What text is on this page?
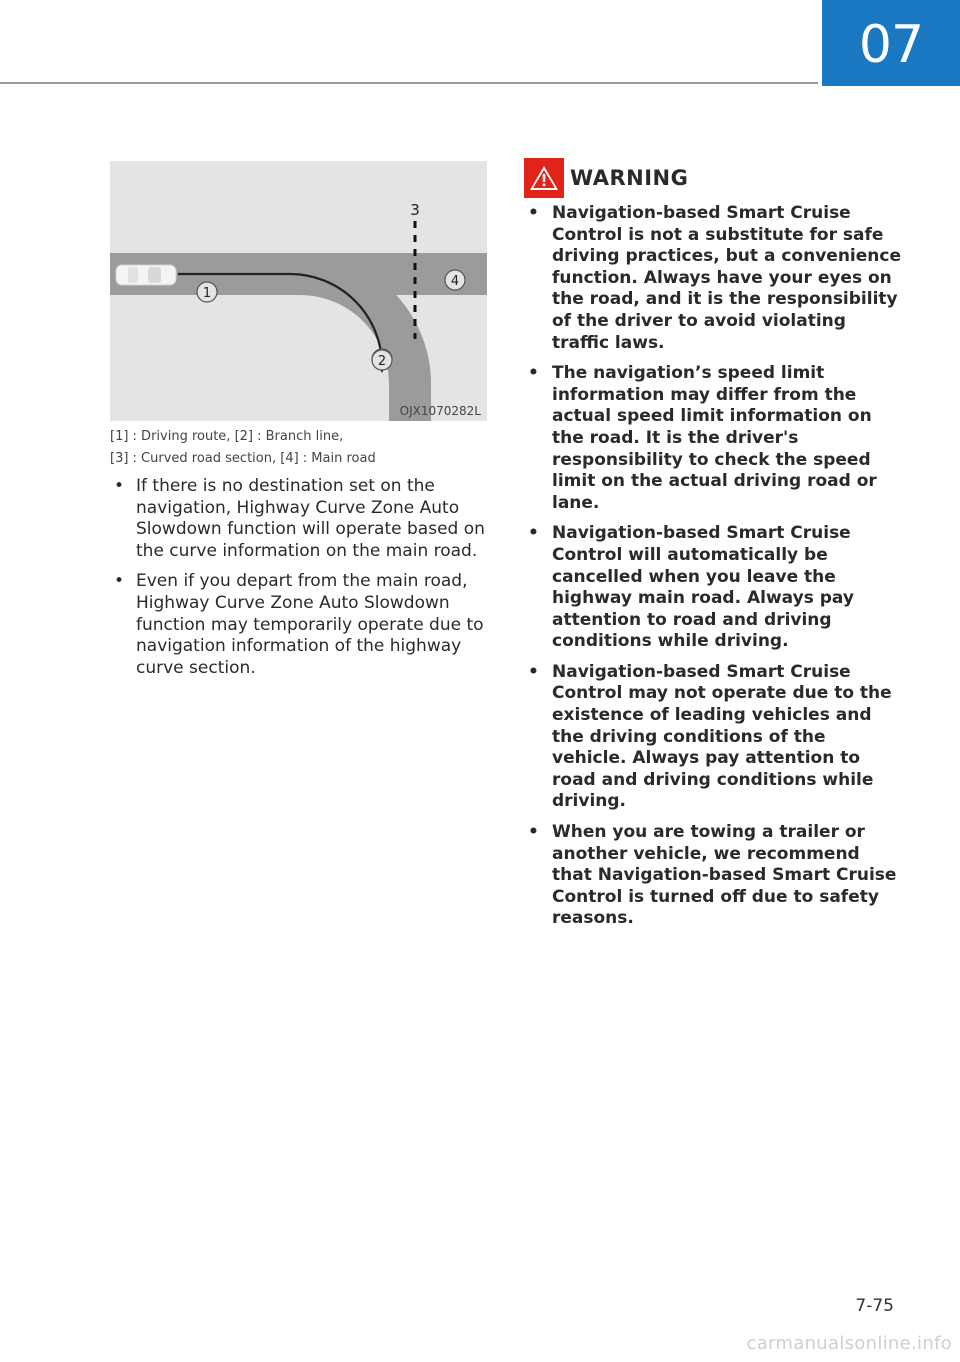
07
1
2
3
4
OJX1070282L
[1] : Driving route, [2] : Branch line,
[3] : Curved road section, [4] : Main road
• If there is no destination set on the navigation, Highway Curve Zone Auto Slowdown function will operate based on the curve information on the main road.
• Even if you depart from the main road, Highway Curve Zone Auto Slowdown function may temporarily operate due to navigation information of the highway curve section.
WARNING
• Navigation-based Smart Cruise Control is not a substitute for safe driving practices, but a convenience function. Always have your eyes on the road, and it is the responsibility of the driver to avoid violating traffic laws.
• The navigation’s speed limit information may differ from the actual speed limit information on the road. It is the driver's responsibility to check the speed limit on the actual driving road or lane.
• Navigation-based Smart Cruise Control will automatically be cancelled when you leave the highway main road. Always pay attention to road and driving conditions while driving.
• Navigation-based Smart Cruise Control may not operate due to the existence of leading vehicles and the driving conditions of the vehicle. Always pay attention to road and driving conditions while driving.
• When you are towing a trailer or another vehicle, we recommend that Navigation-based Smart Cruise Control is turned off due to safety reasons.
7-75
carmanualsonline.info
